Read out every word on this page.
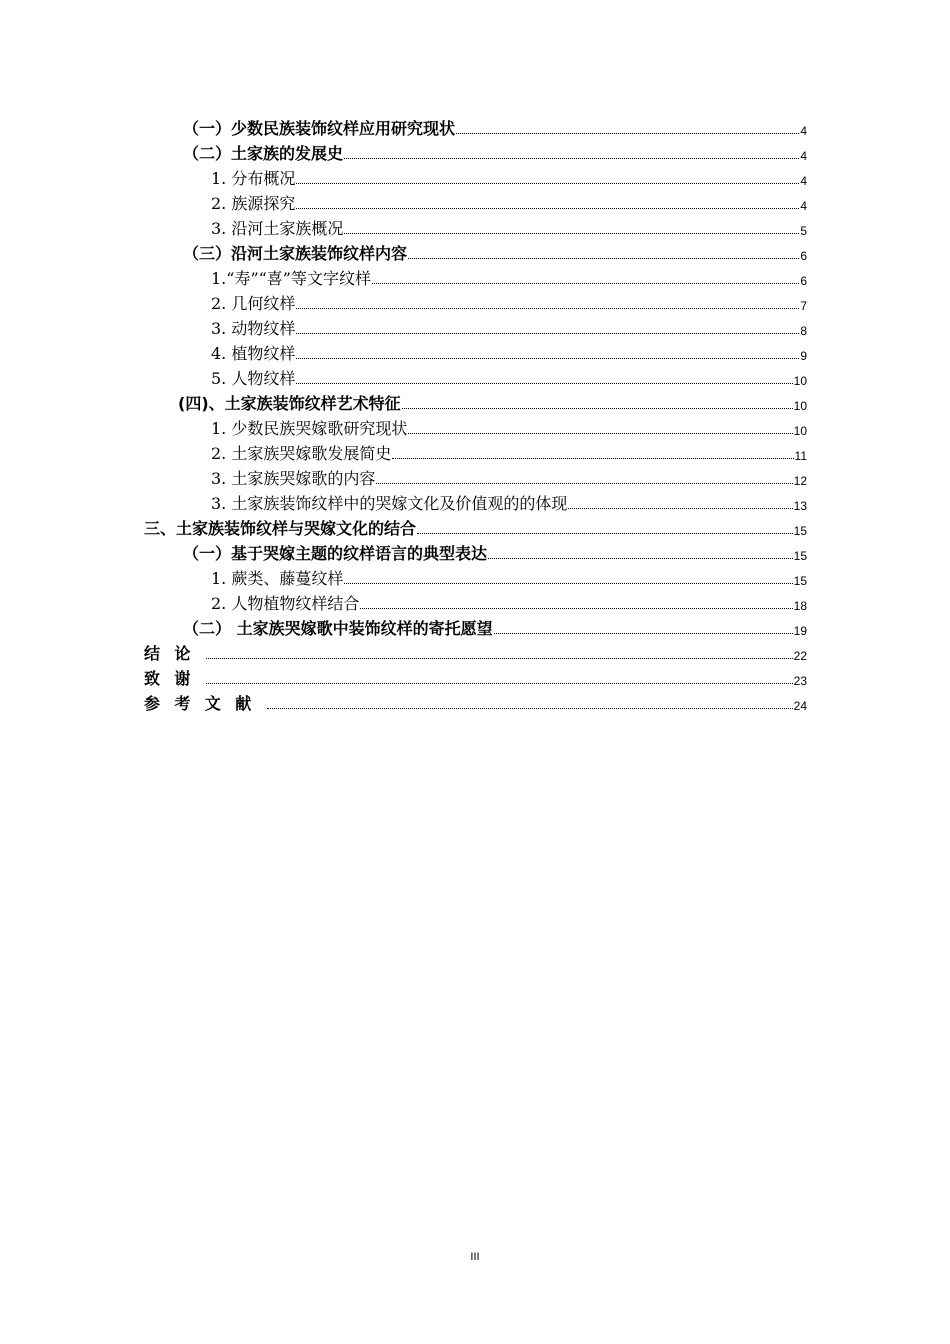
（一）少数民族装饰纹样应用研究现状	4
（二）土家族的发展史	4
1. 分布概况	4
2. 族源探究	4
3. 沿河土家族概况	5
（三）沿河土家族装饰纹样内容	6
1.“寿”“喜”等文字纹样	6
2. 几何纹样	7
3. 动物纹样	8
4. 植物纹样	9
5. 人物纹样	10
(四)、土家族装饰纹样艺术特征	10
1. 少数民族哭嫁歌研究现状	10
2. 土家族哭嫁歌发展简史	11
3. 土家族哭嫁歌的内容	12
3. 土家族装饰纹样中的哭嫁文化及价值观的的体现	13
三、土家族装饰纹样与哭嫁文化的结合	15
（一）基于哭嫁主题的纹样语言的典型表达	15
1. 蕨类、藤蔓纹样	15
2. 人物植物纹样结合	18
（二） 土家族哭嫁歌中装饰纹样的寄托愿望	19
结论	22
致谢	23
参考文献	24
III
